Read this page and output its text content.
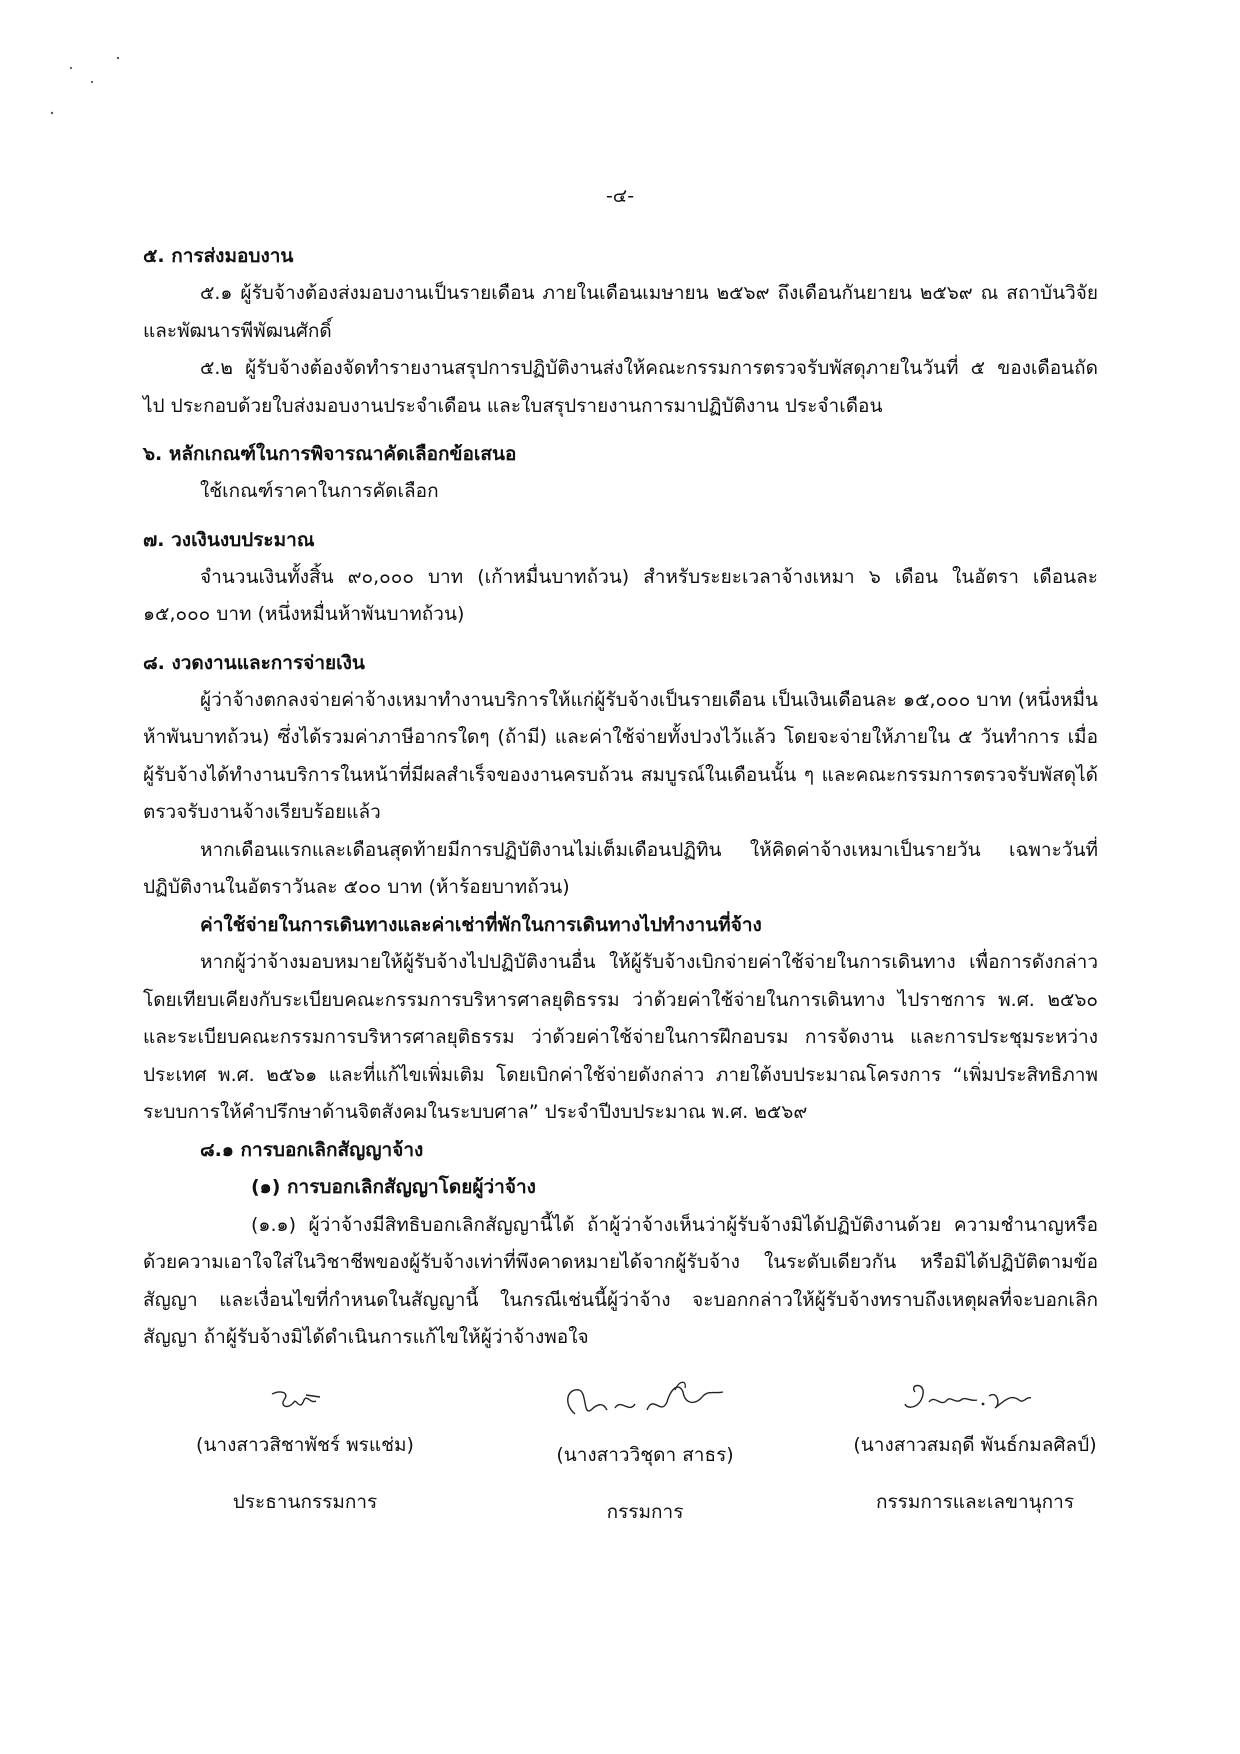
-๔-

๕. การส่งมอบงาน

๕.๑ ผู้รับจ้างต้องส่งมอบงานเป็นรายเดือน ภายในเดือนเมษายน ๒๕๖๙ ถึงเดือนกันยายน ๒๕๖๙ ณ สถาบันวิจัยและพัฒนารพีพัฒนศักดิ์

๕.๒ ผู้รับจ้างต้องจัดทำรายงานสรุปการปฏิบัติงานส่งให้คณะกรรมการตรวจรับพัสดุภายในวันที่ ๕ ของเดือนถัดไป ประกอบด้วยใบส่งมอบงานประจำเดือน และใบสรุปรายงานการมาปฏิบัติงาน ประจำเดือน

๖. หลักเกณฑ์ในการพิจารณาคัดเลือกข้อเสนอ

ใช้เกณฑ์ราคาในการคัดเลือก

๗. วงเงินงบประมาณ

จำนวนเงินทั้งสิ้น ๙๐,๐๐๐ บาท (เก้าหมื่นบาทถ้วน) สำหรับระยะเวลาจ้างเหมา ๖ เดือน ในอัตรา เดือนละ ๑๕,๐๐๐ บาท (หนึ่งหมื่นห้าพันบาทถ้วน)

๘. งวดงานและการจ่ายเงิน

ผู้ว่าจ้างตกลงจ่ายค่าจ้างเหมาทำงานบริการให้แก่ผู้รับจ้างเป็นรายเดือน เป็นเงินเดือนละ ๑๕,๐๐๐ บาท (หนึ่งหมื่นห้าพันบาทถ้วน) ซึ่งได้รวมค่าภาษีอากรใดๆ (ถ้ามี) และค่าใช้จ่ายทั้งปวงไว้แล้ว โดยจะจ่ายให้ภายใน ๕ วันทำการ เมื่อผู้รับจ้างได้ทำงานบริการในหน้าที่มีผลสำเร็จของงานครบถ้วน สมบูรณ์ในเดือนนั้น ๆ และคณะกรรมการตรวจรับพัสดุได้ตรวจรับงานจ้างเรียบร้อยแล้ว

หากเดือนแรกและเดือนสุดท้ายมีการปฏิบัติงานไม่เต็มเดือนปฏิทิน ให้คิดค่าจ้างเหมาเป็นรายวัน เฉพาะวันที่ปฏิบัติงานในอัตราวันละ ๕๐๐ บาท (ห้าร้อยบาทถ้วน)

ค่าใช้จ่ายในการเดินทางและค่าเช่าที่พักในการเดินทางไปทำงานที่จ้าง

หากผู้ว่าจ้างมอบหมายให้ผู้รับจ้างไปปฏิบัติงานอื่น ให้ผู้รับจ้างเบิกจ่ายค่าใช้จ่ายในการเดินทาง เพื่อการดังกล่าวโดยเทียบเคียงกับระเบียบคณะกรรมการบริหารศาลยุติธรรม ว่าด้วยค่าใช้จ่ายในการเดินทาง ไปราชการ พ.ศ. ๒๕๖๐ และระเบียบคณะกรรมการบริหารศาลยุติธรรม ว่าด้วยค่าใช้จ่ายในการฝึกอบรม การจัดงาน และการประชุมระหว่างประเทศ พ.ศ. ๒๕๖๑ และที่แก้ไขเพิ่มเติม โดยเบิกค่าใช้จ่ายดังกล่าว ภายใต้งบประมาณโครงการ “เพิ่มประสิทธิภาพระบบการให้คำปรึกษาด้านจิตสังคมในระบบศาล” ประจำปีงบประมาณ พ.ศ. ๒๕๖๙

๘.๑ การบอกเลิกสัญญาจ้าง

(๑) การบอกเลิกสัญญาโดยผู้ว่าจ้าง

(๑.๑) ผู้ว่าจ้างมีสิทธิบอกเลิกสัญญานี้ได้ ถ้าผู้ว่าจ้างเห็นว่าผู้รับจ้างมิได้ปฏิบัติงานด้วย ความชำนาญหรือด้วยความเอาใจใส่ในวิชาชีพของผู้รับจ้างเท่าที่พึงคาดหมายได้จากผู้รับจ้าง ในระดับเดียวกัน หรือมิได้ปฏิบัติตามข้อสัญญา และเงื่อนไขที่กำหนดในสัญญานี้ ในกรณีเช่นนี้ผู้ว่าจ้าง จะบอกกล่าวให้ผู้รับจ้างทราบถึงเหตุผลที่จะบอกเลิกสัญญา ถ้าผู้รับจ้างมิได้ดำเนินการแก้ไขให้ผู้ว่าจ้างพอใจ

(นางสาวสิชาพัชร์ พรแช่ม)
ประธานกรรมการ
(นางสาววิชุดา สาธร)
กรรมการ
(นางสาวสมฤดี พันธ์กมลศิลป์)
กรรมการและเลขานุการ
